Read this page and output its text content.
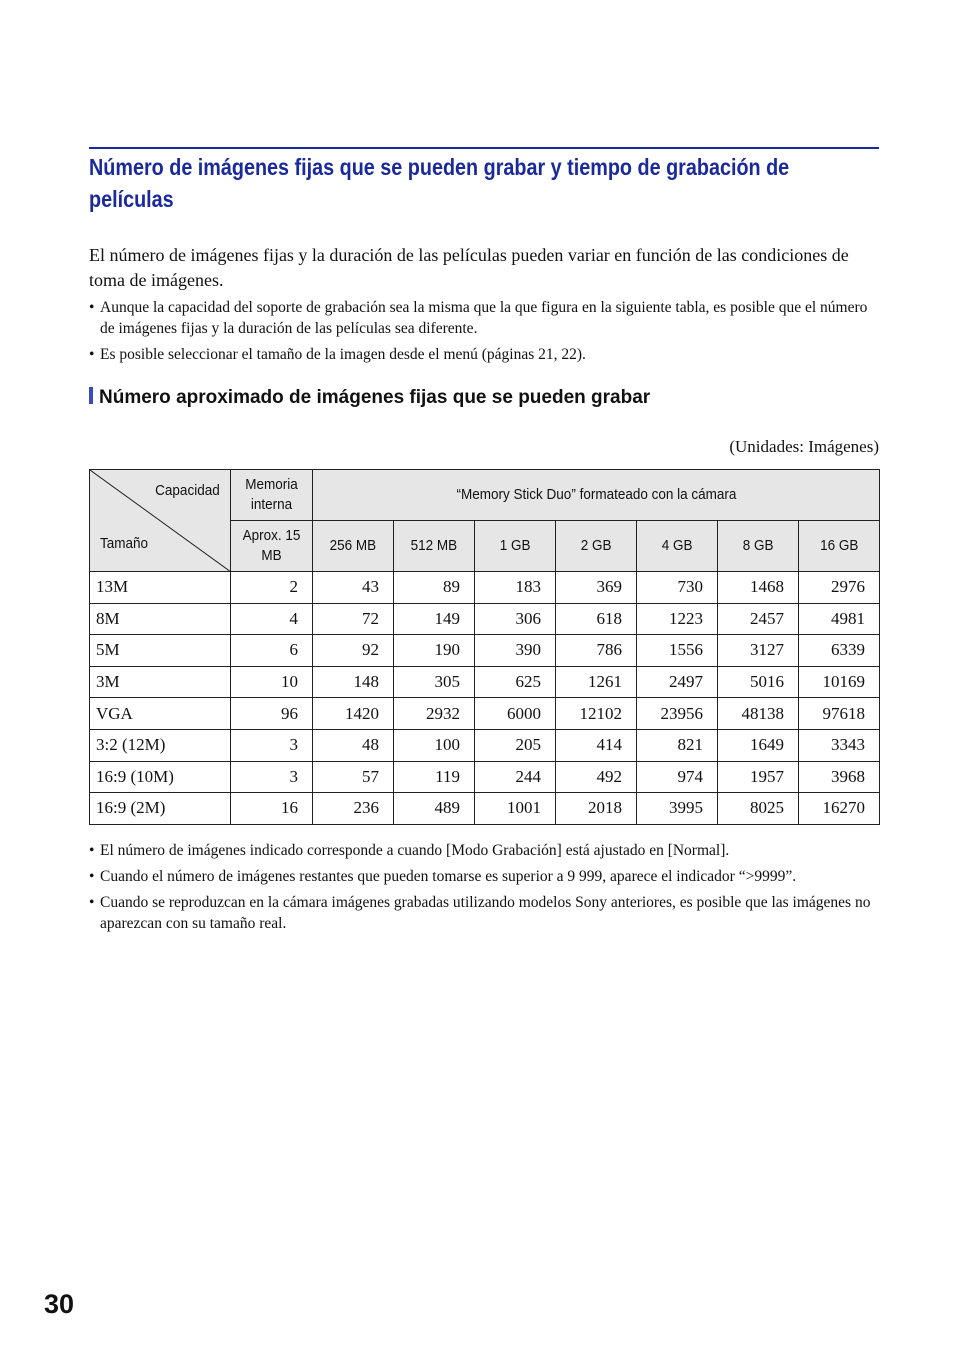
Número de imágenes fijas que se pueden grabar y tiempo de grabación de películas

El número de imágenes fijas y la duración de las películas pueden variar en función de las condiciones de toma de imágenes.

• Aunque la capacidad del soporte de grabación sea la misma que la que figura en la siguiente tabla, es posible que el número de imágenes fijas y la duración de las películas sea diferente.
• Es posible seleccionar el tamaño de la imagen desde el menú (páginas 21, 22).
Número aproximado de imágenes fijas que se pueden grabar
(Unidades: Imágenes)
Capacidad
Tamaño	Memoria interna	“Memory Stick Duo” formateado con la cámara						
	Aprox. 15 MB	256 MB	512 MB	1 GB	2 GB	4 GB	8 GB	16 GB
13M	2	43	89	183	369	730	1468	2976
8M	4	72	149	306	618	1223	2457	4981
5M	6	92	190	390	786	1556	3127	6339
3M	10	148	305	625	1261	2497	5016	10169
VGA	96	1420	2932	6000	12102	23956	48138	97618
3:2 (12M)	3	48	100	205	414	821	1649	3343
16:9 (10M)	3	57	119	244	492	974	1957	3968
16:9 (2M)	16	236	489	1001	2018	3995	8025	16270
• El número de imágenes indicado corresponde a cuando [Modo Grabación] está ajustado en [Normal].
• Cuando el número de imágenes restantes que pueden tomarse es superior a 9 999, aparece el indicador “>9999”.
• Cuando se reproduzcan en la cámara imágenes grabadas utilizando modelos Sony anteriores, es posible que las imágenes no aparezcan con su tamaño real.
30
